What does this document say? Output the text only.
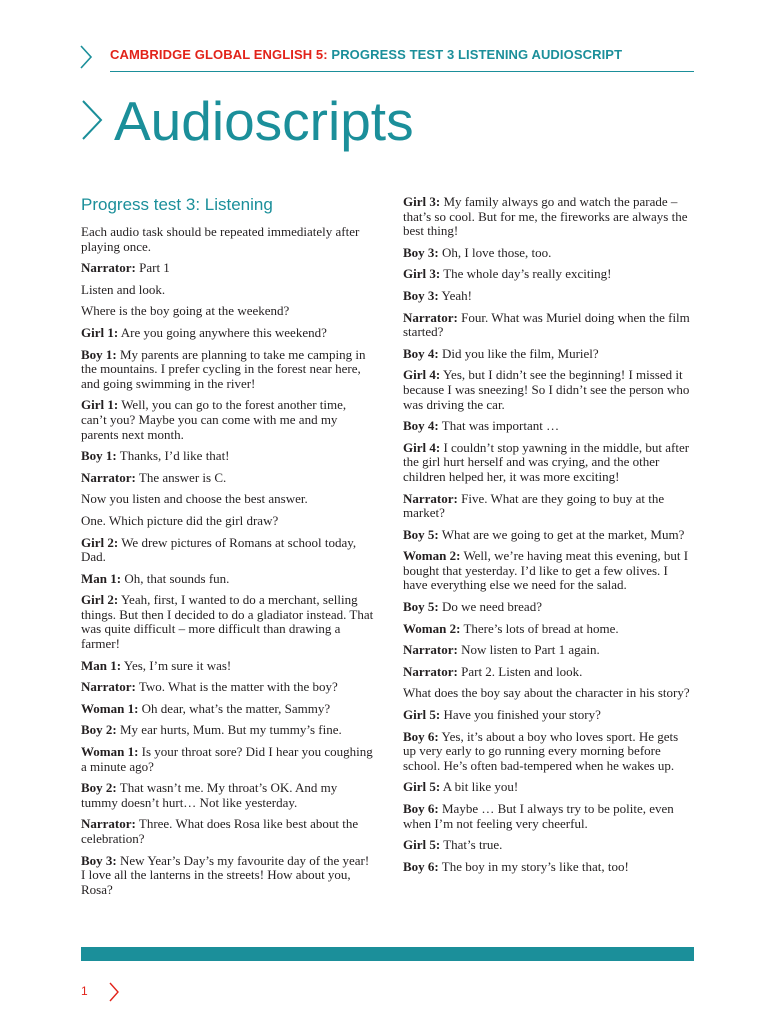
CAMBRIDGE GLOBAL ENGLISH 5: PROGRESS TEST 3 LISTENING AUDIOSCRIPT
Audioscripts
Progress test 3: Listening

Each audio task should be repeated immediately after playing once.

Narrator: Part 1

Listen and look.

Where is the boy going at the weekend?

Girl 1: Are you going anywhere this weekend?

Boy 1: My parents are planning to take me camping in the mountains. I prefer cycling in the forest near here, and going swimming in the river!

Girl 1: Well, you can go to the forest another time, can’t you? Maybe you can come with me and my parents next month.

Boy 1: Thanks, I’d like that!

Narrator: The answer is C.

Now you listen and choose the best answer.

One. Which picture did the girl draw?

Girl 2: We drew pictures of Romans at school today, Dad.

Man 1: Oh, that sounds fun.

Girl 2: Yeah, first, I wanted to do a merchant, selling things. But then I decided to do a gladiator instead. That was quite difficult – more difficult than drawing a farmer!

Man 1: Yes, I’m sure it was!

Narrator: Two. What is the matter with the boy?

Woman 1: Oh dear, what’s the matter, Sammy?

Boy 2: My ear hurts, Mum. But my tummy’s fine.

Woman 1: Is your throat sore? Did I hear you coughing a minute ago?

Boy 2: That wasn’t me. My throat’s OK. And my tummy doesn’t hurt… Not like yesterday.

Narrator: Three. What does Rosa like best about the celebration?

Boy 3: New Year’s Day’s my favourite day of the year! I love all the lanterns in the streets! How about you, Rosa?

Girl 3: My family always go and watch the parade – that’s so cool. But for me, the fireworks are always the best thing!

Boy 3: Oh, I love those, too.

Girl 3: The whole day’s really exciting!

Boy 3: Yeah!

Narrator: Four. What was Muriel doing when the film started?

Boy 4: Did you like the film, Muriel?

Girl 4: Yes, but I didn’t see the beginning! I missed it because I was sneezing! So I didn’t see the person who was driving the car.

Boy 4: That was important …

Girl 4: I couldn’t stop yawning in the middle, but after the girl hurt herself and was crying, and the other children helped her, it was more exciting!

Narrator: Five. What are they going to buy at the market?

Boy 5: What are we going to get at the market, Mum?

Woman 2: Well, we’re having meat this evening, but I bought that yesterday. I’d like to get a few olives. I have everything else we need for the salad.

Boy 5: Do we need bread?

Woman 2: There’s lots of bread at home.

Narrator: Now listen to Part 1 again.

Narrator: Part 2. Listen and look.

What does the boy say about the character in his story?

Girl 5: Have you finished your story?

Boy 6: Yes, it’s about a boy who loves sport. He gets up very early to go running every morning before school. He’s often bad-tempered when he wakes up.

Girl 5: A bit like you!

Boy 6: Maybe … But I always try to be polite, even when I’m not feeling very cheerful.

Girl 5: That’s true.

Boy 6: The boy in my story’s like that, too!

1
